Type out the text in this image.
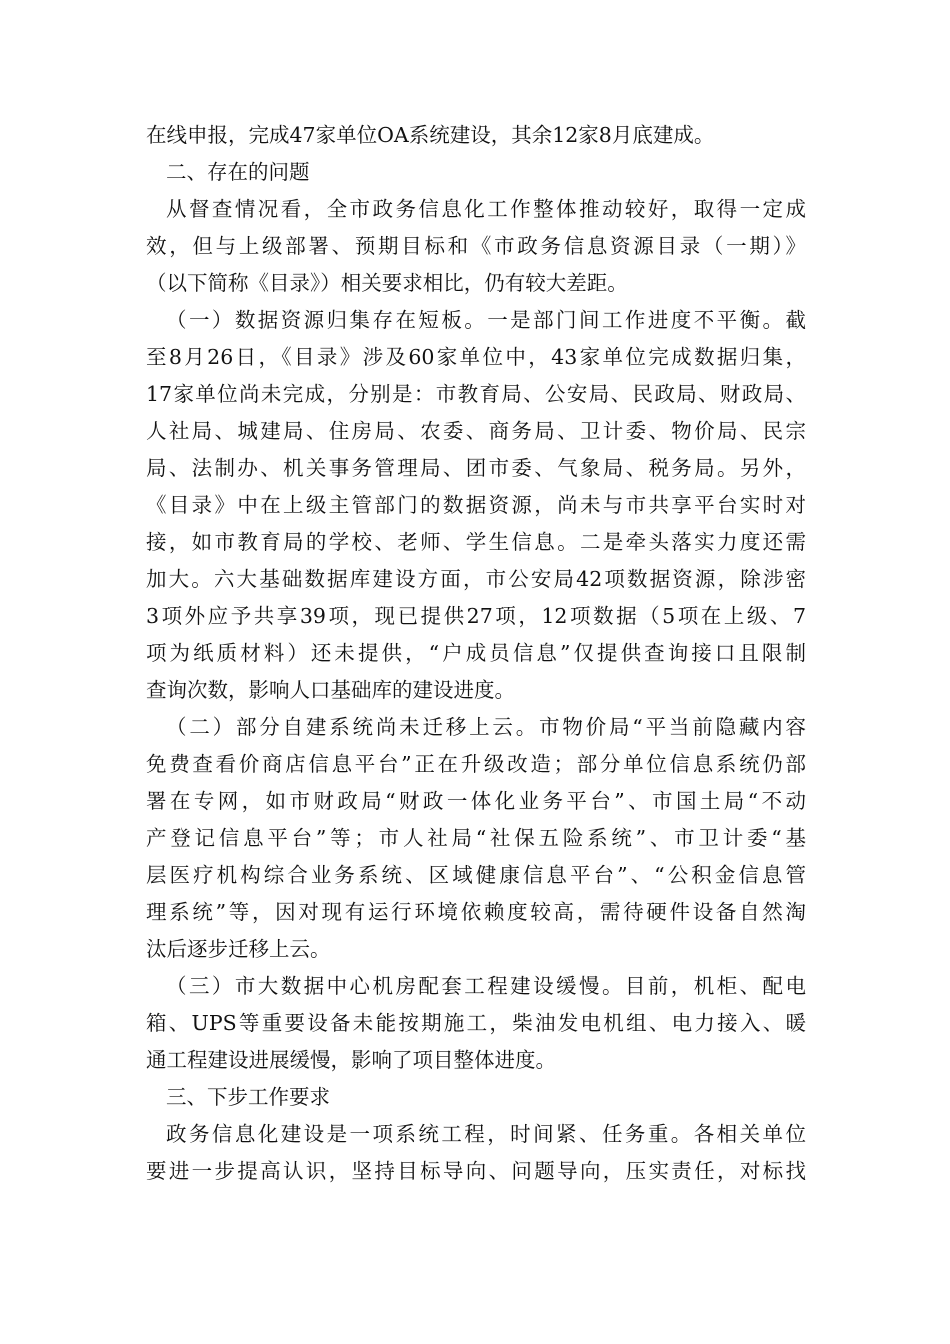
在线申报，完成47家单位OA系统建设，其余12家8月底建成。
二、存在的问题
从督查情况看，全市政务信息化工作整体推动较好，取得一定成
效，但与上级部署、预期目标和《市政务信息资源目录（一期）》
（以下简称《目录》）相关要求相比，仍有较大差距。
（一）数据资源归集存在短板。一是部门间工作进度不平衡。截
至8月26日，《目录》涉及60家单位中，43家单位完成数据归集，
17家单位尚未完成，分别是：市教育局、公安局、民政局、财政局、
人社局、城建局、住房局、农委、商务局、卫计委、物价局、民宗
局、法制办、机关事务管理局、团市委、气象局、税务局。另外，
《目录》中在上级主管部门的数据资源，尚未与市共享平台实时对
接，如市教育局的学校、老师、学生信息。二是牵头落实力度还需
加大。六大基础数据库建设方面，市公安局42项数据资源，除涉密
3项外应予共享39项，现已提供27项，12项数据（5项在上级、7
项为纸质材料）还未提供，“户成员信息”仅提供查询接口且限制
查询次数，影响人口基础库的建设进度。
（二）部分自建系统尚未迁移上云。市物价局“平当前隐藏内容
免费查看价商店信息平台”正在升级改造；部分单位信息系统仍部
署在专网，如市财政局“财政一体化业务平台”、市国土局“不动
产登记信息平台”等；市人社局“社保五险系统”、市卫计委“基
层医疗机构综合业务系统、区域健康信息平台”、“公积金信息管
理系统”等，因对现有运行环境依赖度较高，需待硬件设备自然淘
汰后逐步迁移上云。
（三）市大数据中心机房配套工程建设缓慢。目前，机柜、配电
箱、UPS等重要设备未能按期施工，柴油发电机组、电力接入、暖
通工程建设进展缓慢，影响了项目整体进度。
三、下步工作要求
政务信息化建设是一项系统工程，时间紧、任务重。各相关单位
要进一步提高认识，坚持目标导向、问题导向，压实责任，对标找
